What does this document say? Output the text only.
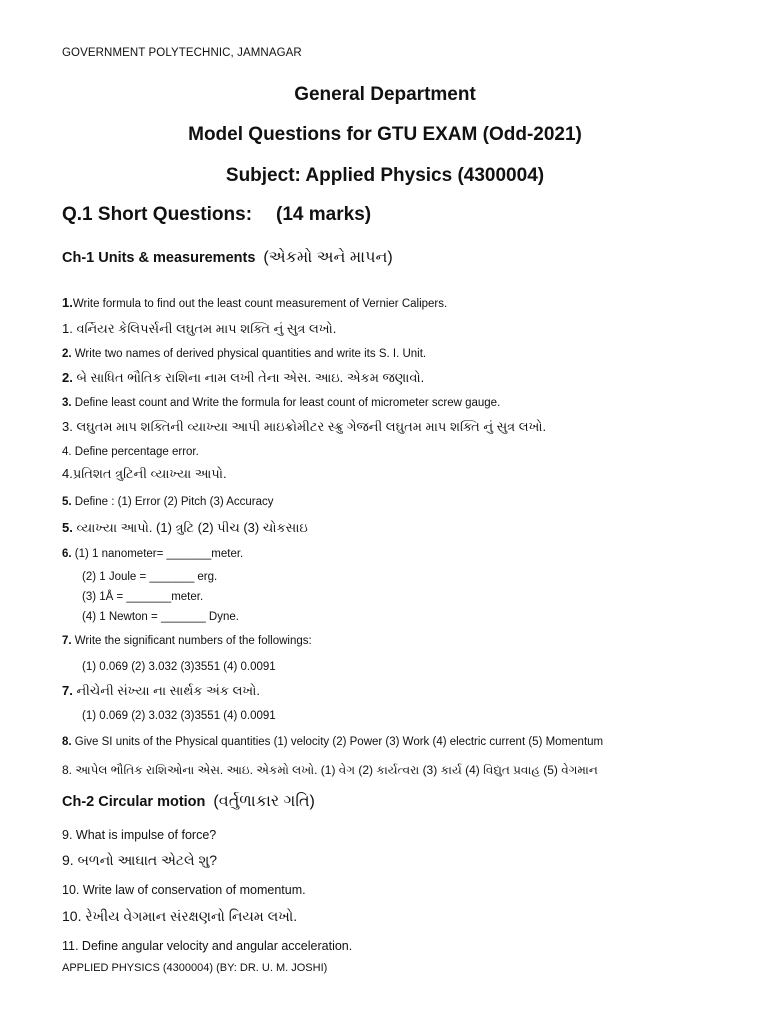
GOVERNMENT POLYTECHNIC, JAMNAGAR
General Department
Model Questions for GTU EXAM (Odd-2021)
Subject: Applied Physics (4300004)
Q.1 Short Questions: (14 marks)
Ch-1 Units & measurements (એકમો અને માપન)
1.Write formula to find out the least count measurement of Vernier Calipers.
1. વર્નિયર કેલિપર્સની લઘુતમ માપ શક્તિ નું સુત્ર લખો.
2. Write two names of derived physical quantities and write its S. I. Unit.
2. બે સાધિત ભૌતિક રાશિના નામ લખી તેના એસ. આઇ. એકમ જણાવો.
3. Define least count and Write the formula for least count of micrometer screw gauge.
3. લઘુતમ માપ શક્તિની વ્યાખ્યા આપી માઇક્રોમીટર સ્ક્રુ ગેજની લઘુતમ માપ શક્તિ નું સુત્ર લખો.
4. Define percentage error.
4.પ્રતિશત ત્રુટિની વ્યાખ્યા આપો.
5. Define : (1) Error (2) Pitch (3) Accuracy
5. વ્યાખ્યા આપો. (1) ત્રુટિ (2) પીચ (3) ચોકસાઇ
6. (1) 1 nanometer= _______meter.
(2) 1 Joule = _______ erg.
(3) 1Å = _______meter.
(4) 1 Newton = _______ Dyne.
7. Write the significant numbers of the followings:
(1) 0.069 (2) 3.032 (3)3551 (4) 0.0091
7. નીચેની સંખ્યા ના સાર્થક અંક લખો.
(1) 0.069 (2) 3.032 (3)3551 (4) 0.0091
8. Give SI units of the Physical quantities (1) velocity (2) Power (3) Work (4) electric current (5) Momentum
8. આપેલ ભૌતિક રાશિઓના એસ. આઇ. એકમો લખો. (1) વેગ (2) કાર્યત્વરા (3) કાર્ય (4) વિદ્યુત પ્રવાહ (5) વેગમાન
Ch-2 Circular motion (વર્તુળાકાર ગતિ)
9. What is impulse of force?
9. બળનો આઘાત એટલે શુ?
10. Write law of conservation of momentum.
10. રેખીય વેગમાન સંરક્ષણનો નિયમ લખો.
11. Define angular velocity and angular acceleration.
APPLIED PHYSICS (4300004) (BY: DR. U. M. JOSHI)
